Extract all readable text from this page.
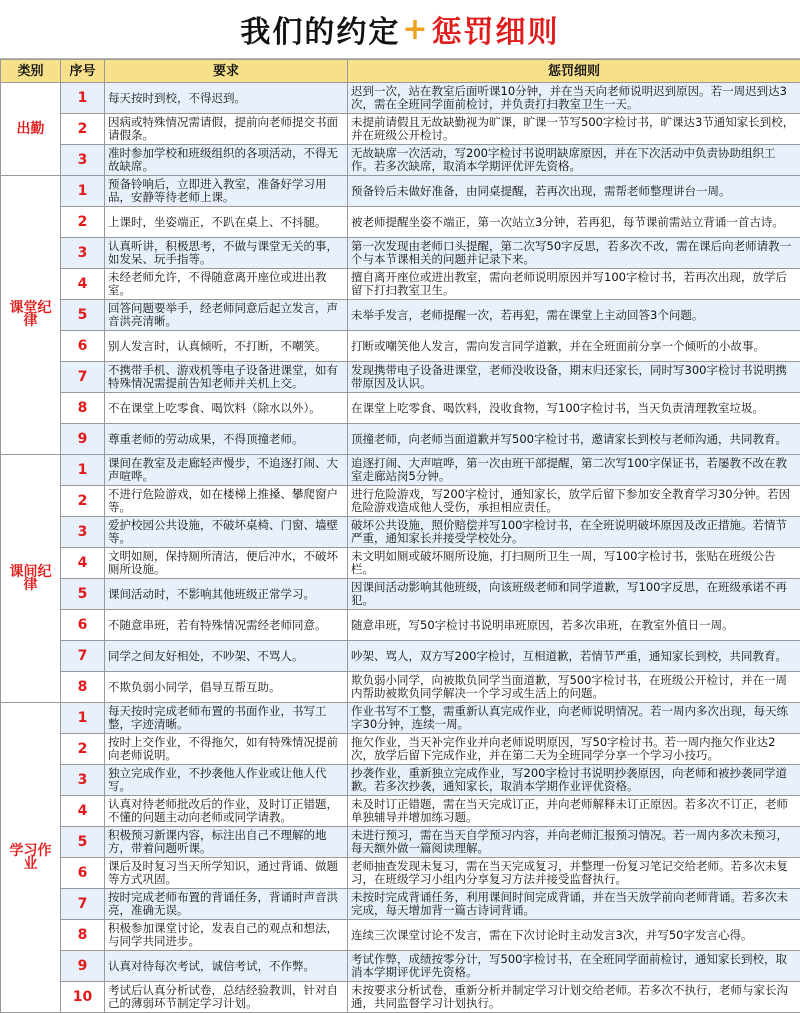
我们的约定 + 惩罚细则
类别	序号	要求	惩罚细则
出勤	1	每天按时到校，不得迟到。	迟到一次，站在教室后面听课10分钟，并在当天向老师说明迟到原因。若一周迟到达3次，需在全班同学面前检讨，并负责打扫教室卫生一天。

	2	因病或特殊情况需请假，提前向老师提交书面请假条。	未提前请假且无故缺勤视为旷课，旷课一节写500字检讨书，旷课达3节通知家长到校，并在班级公开检讨。

	3	准时参加学校和班级组织的各项活动，不得无故缺席。	无故缺席一次活动，写200字检讨书说明缺席原因，并在下次活动中负责协助组织工作。若多次缺席，取消本学期评优评先资格。

课堂纪律	1	预备铃响后，立即进入教室，准备好学习用品，安静等待老师上课。	预备铃后未做好准备，由同桌提醒，若再次出现，需帮老师整理讲台一周。

	2	上课时，坐姿端正，不趴在桌上、不抖腿。	被老师提醒坐姿不端正，第一次站立3分钟，若再犯，每节课前需站立背诵一首古诗。

	3	认真听讲，积极思考，不做与课堂无关的事，如发呆、玩手指等。	第一次发现由老师口头提醒，第二次写50字反思，若多次不改，需在课后向老师请教一个与本节课相关的问题并记录下来。

	4	未经老师允许，不得随意离开座位或进出教室。	擅自离开座位或进出教室，需向老师说明原因并写100字检讨书，若再次出现，放学后留下打扫教室卫生。

	5	回答问题要举手，经老师同意后起立发言，声音洪亮清晰。	未举手发言，老师提醒一次，若再犯，需在课堂上主动回答3个问题。

	6	别人发言时，认真倾听，不打断，不嘲笑。	打断或嘲笑他人发言，需向发言同学道歉，并在全班面前分享一个倾听的小故事。

	7	不携带手机、游戏机等电子设备进课堂，如有特殊情况需提前告知老师并关机上交。	发现携带电子设备进课堂，老师没收设备，期末归还家长，同时写300字检讨书说明携带原因及认识。

	8	不在课堂上吃零食、喝饮料（除水以外）。	在课堂上吃零食、喝饮料，没收食物，写100字检讨书，当天负责清理教室垃圾。

	9	尊重老师的劳动成果，不得顶撞老师。	顶撞老师，向老师当面道歉并写500字检讨书，邀请家长到校与老师沟通，共同教育。

课间纪律	1	课间在教室及走廊轻声慢步，不追逐打闹、大声喧哗。	追逐打闹、大声喧哗，第一次由班干部提醒，第二次写100字保证书，若屡教不改在教室走廊站岗5分钟。

	2	不进行危险游戏，如在楼梯上推搡、攀爬窗户等。	进行危险游戏，写200字检讨，通知家长，放学后留下参加安全教育学习30分钟。若因危险游戏造成他人受伤，承担相应责任。

	3	爱护校园公共设施，不破坏桌椅、门窗、墙壁等。	破坏公共设施，照价赔偿并写100字检讨书，在全班说明破坏原因及改正措施。若情节严重，通知家长并接受学校处分。

	4	文明如厕，保持厕所清洁，便后冲水，不破坏厕所设施。	未文明如厕或破坏厕所设施，打扫厕所卫生一周，写100字检讨书，张贴在班级公告栏。

	5	课间活动时，不影响其他班级正常学习。	因课间活动影响其他班级，向该班级老师和同学道歉，写100字反思，在班级承诺不再犯。

	6	不随意串班，若有特殊情况需经老师同意。	随意串班，写50字检讨书说明串班原因，若多次串班，在教室外值日一周。

	7	同学之间友好相处，不吵架、不骂人。	吵架、骂人，双方写200字检讨，互相道歉，若情节严重，通知家长到校，共同教育。

	8	不欺负弱小同学，倡导互帮互助。	欺负弱小同学，向被欺负同学当面道歉，写500字检讨书，在班级公开检讨，并在一周内帮助被欺负同学解决一个学习或生活上的问题。

学习作业	1	每天按时完成老师布置的书面作业，书写工整，字迹清晰。	作业书写不工整，需重新认真完成作业，向老师说明情况。若一周内多次出现，每天练字30分钟，连续一周。

	2	按时上交作业，不得拖欠，如有特殊情况提前向老师说明。	拖欠作业，当天补完作业并向老师说明原因，写50字检讨书。若一周内拖欠作业达2次，放学后留下完成作业，并在第二天为全班同学分享一个学习小技巧。

	3	独立完成作业，不抄袭他人作业或让他人代写。	抄袭作业，重新独立完成作业，写200字检讨书说明抄袭原因，向老师和被抄袭同学道歉。若多次抄袭，通知家长，取消本学期作业评优资格。

	4	认真对待老师批改后的作业，及时订正错题，不懂的问题主动向老师或同学请教。	未及时订正错题，需在当天完成订正，并向老师解释未订正原因。若多次不订正，老师单独辅导并增加练习题。

	5	积极预习新课内容，标注出自己不理解的地方，带着问题听课。	未进行预习，需在当天自学预习内容，并向老师汇报预习情况。若一周内多次未预习，每天额外做一篇阅读理解。

	6	课后及时复习当天所学知识，通过背诵、做题等方式巩固。	老师抽查发现未复习，需在当天完成复习，并整理一份复习笔记交给老师。若多次未复习，在班级学习小组内分享复习方法并接受监督执行。

	7	按时完成老师布置的背诵任务，背诵时声音洪亮，准确无误。	未按时完成背诵任务，利用课间时间完成背诵，并在当天放学前向老师背诵。若多次未完成，每天增加背一篇古诗词背诵。

	8	积极参加课堂讨论，发表自己的观点和想法，与同学共同进步。	连续三次课堂讨论不发言，需在下次讨论时主动发言3次，并写50字发言心得。

	9	认真对待每次考试，诚信考试，不作弊。	考试作弊，成绩按零分计，写500字检讨书，在全班同学面前检讨，通知家长到校，取消本学期评优评先资格。

	10	考试后认真分析试卷，总结经验教训，针对自己的薄弱环节制定学习计划。	未按要求分析试卷，重新分析并制定学习计划交给老师。若多次不执行，老师与家长沟通，共同监督学习计划执行。
